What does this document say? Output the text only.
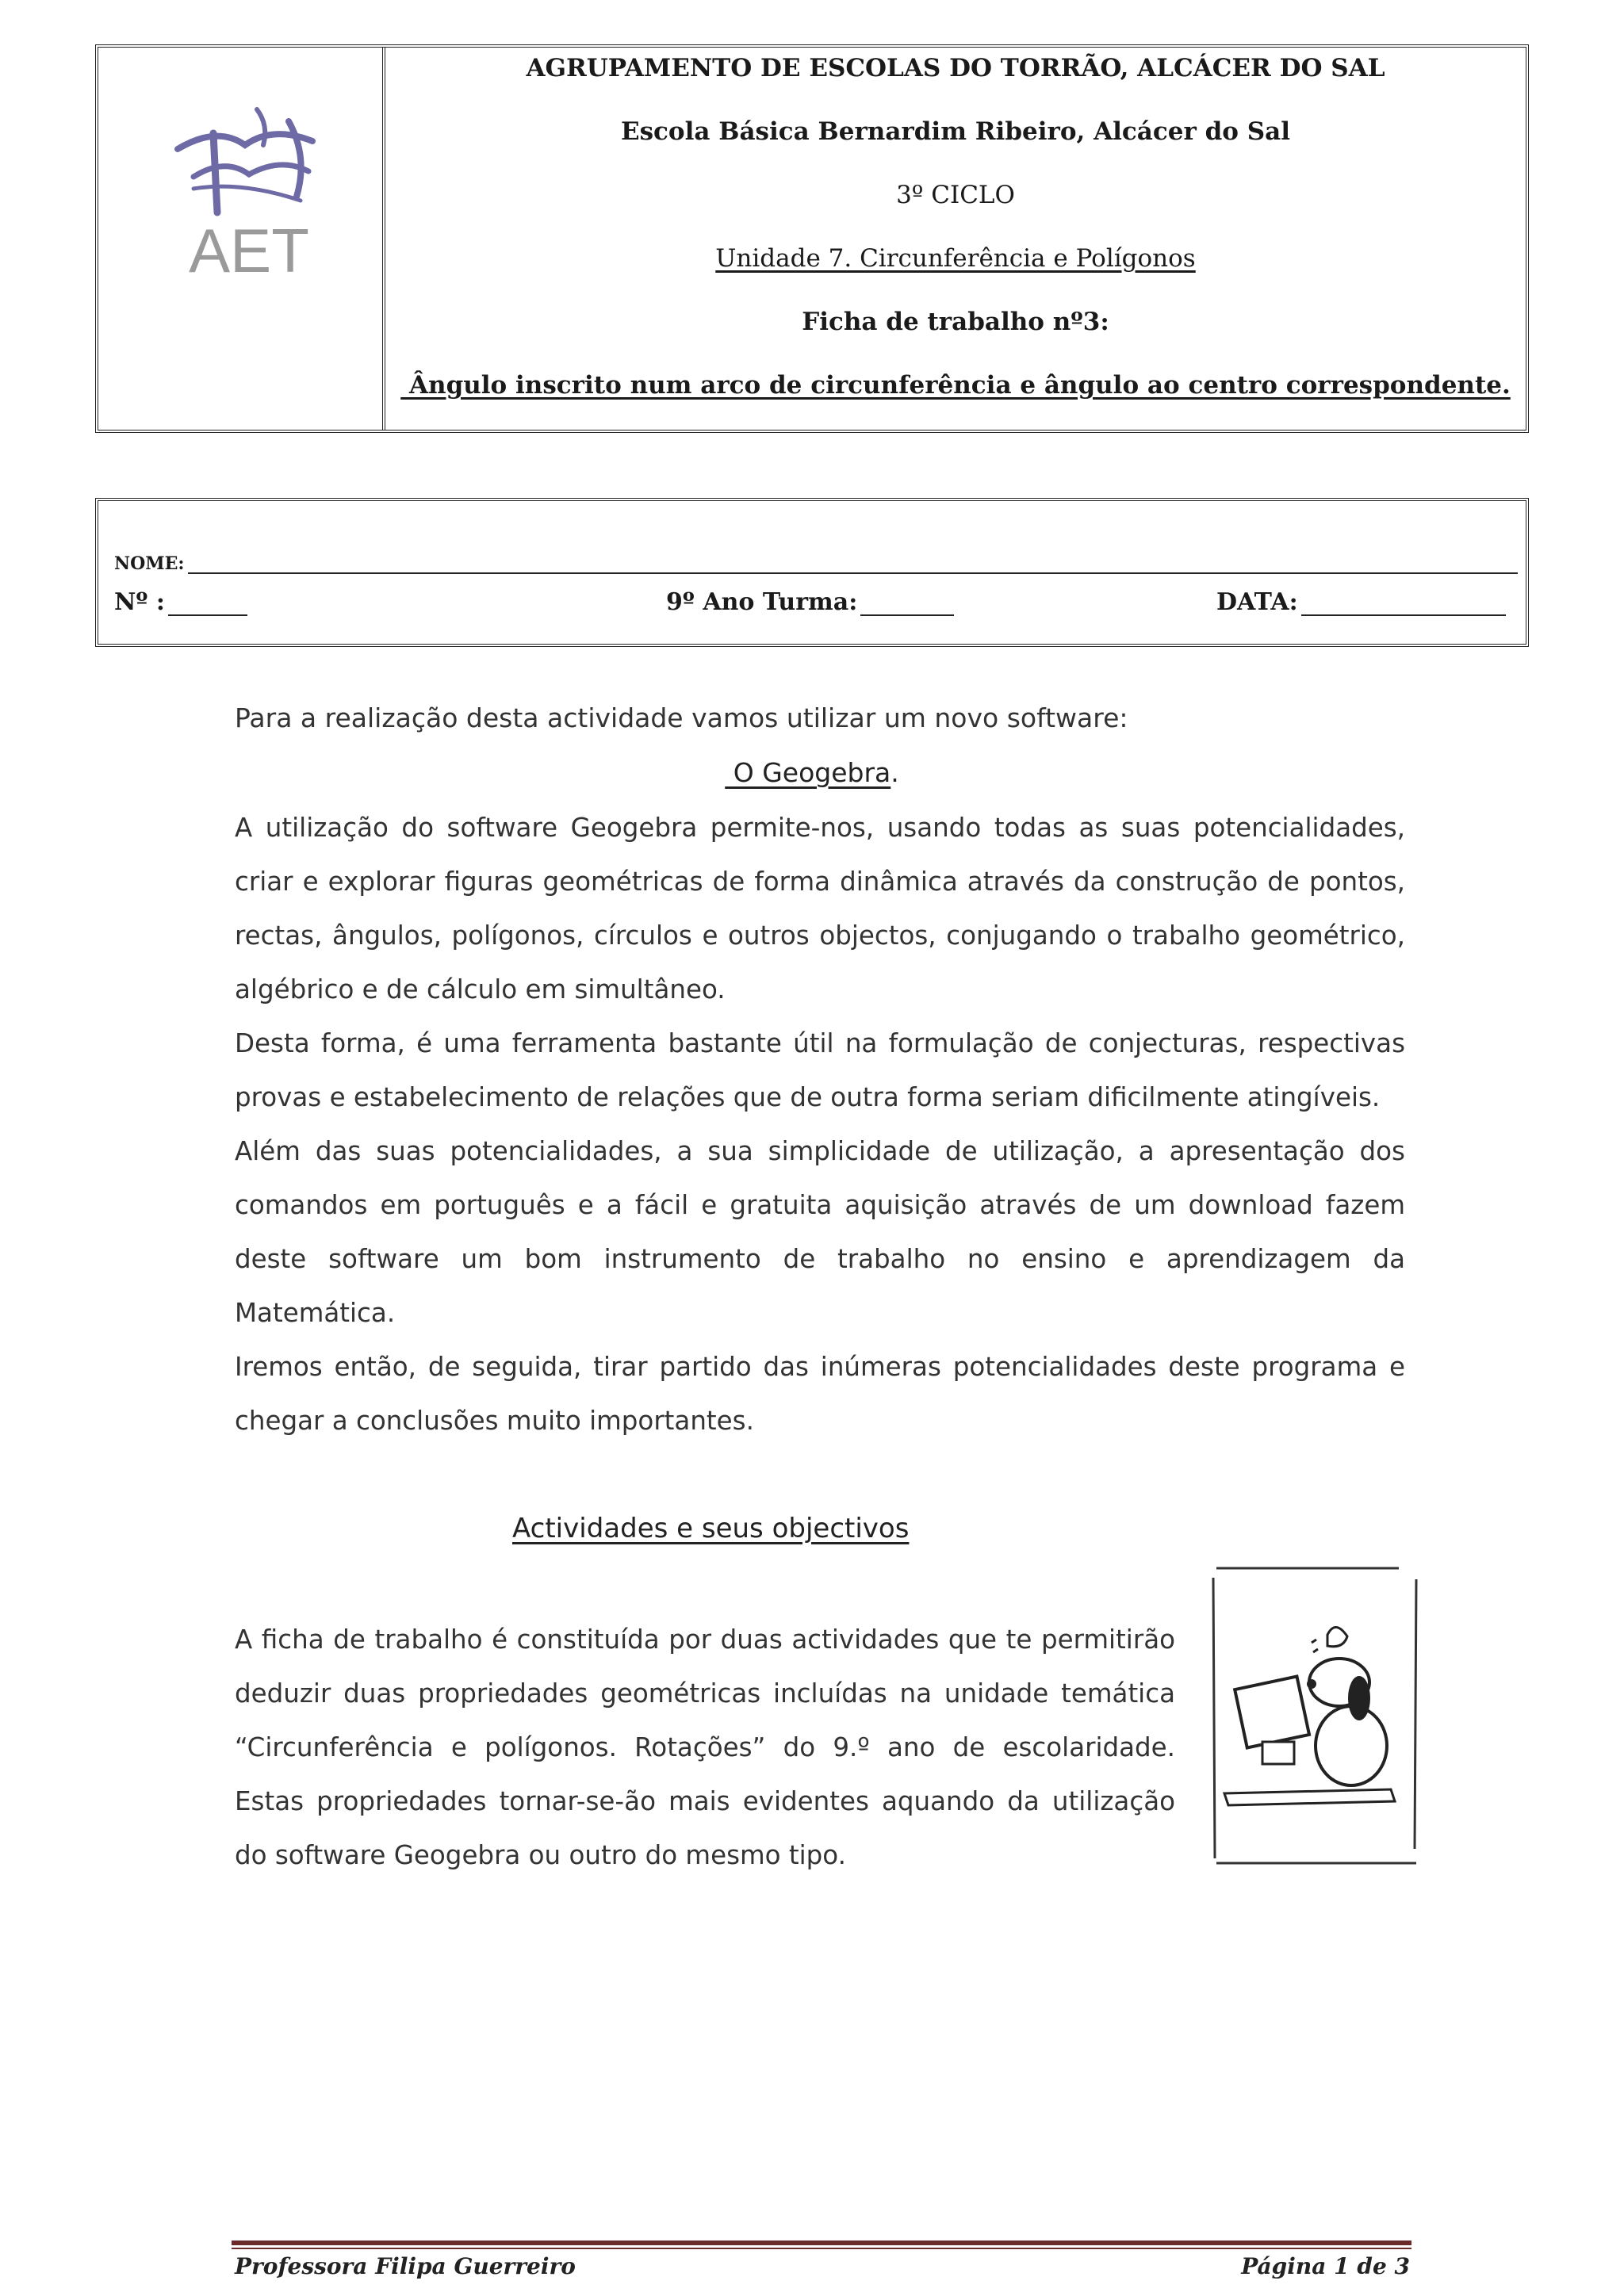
AET
AGRUPAMENTO DE ESCOLAS DO TORRÃO, ALCÁCER DO SAL
Escola Básica Bernardim Ribeiro, Alcácer do Sal
3º CICLO
Unidade 7. Circunferência e Polígonos
Ficha de trabalho nº3:
Ângulo inscrito num arco de circunferência e ângulo ao centro correspondente.
NOME:
Nº :	9º Ano Turma:	DATA:
Para a realização desta actividade vamos utilizar um novo software:
O Geogebra.

A utilização do software Geogebra permite-nos, usando todas as suas potencialidades, criar e explorar figuras geométricas de forma dinâmica através da construção de pontos, rectas, ângulos, polígonos, círculos e outros objectos, conjugando o trabalho geométrico, algébrico e de cálculo em simultâneo.

Desta forma, é uma ferramenta bastante útil na formulação de conjecturas, respectivas provas e estabelecimento de relações que de outra forma seriam dificilmente atingíveis.

Além das suas potencialidades, a sua simplicidade de utilização, a apresentação dos comandos em português e a fácil e gratuita aquisição através de um download fazem deste software um bom instrumento de trabalho no ensino e aprendizagem da Matemática.

Iremos então, de seguida, tirar partido das inúmeras potencialidades deste programa e chegar a conclusões muito importantes.

Actividades e seus objectivos

A ficha de trabalho é constituída por duas actividades que te permitirão deduzir duas propriedades geométricas incluídas na unidade temática “Circunferência e polígonos. Rotações” do 9.º ano de escolaridade. Estas propriedades tornar-se-ão mais evidentes aquando da utilização do software Geogebra ou outro do mesmo tipo.

Professora Filipa Guerreiro	Página 1 de 3
